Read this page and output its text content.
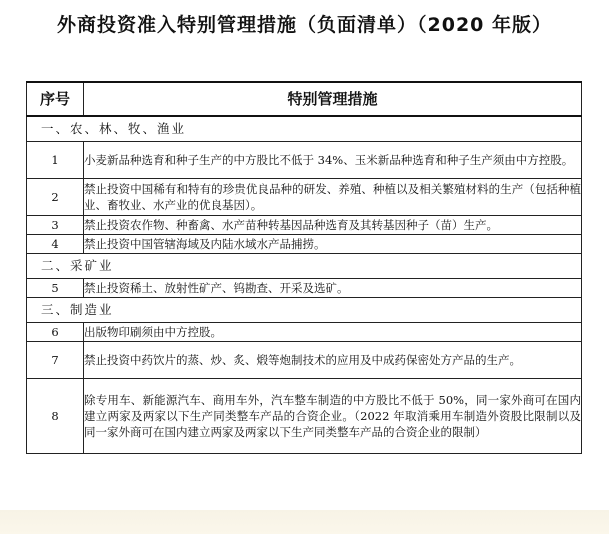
外商投资准入特别管理措施（负面清单）（2020 年版）
序号	特别管理措施
一、农、林、牧、渔业	
1	小麦新品种选育和种子生产的中方股比不低于 34%、玉米新品种选育和种子生产须由中方控股。
2	禁止投资中国稀有和特有的珍贵优良品种的研发、养殖、种植以及相关繁殖材料的生产（包括种植业、畜牧业、水产业的优良基因）。
3	禁止投资农作物、种畜禽、水产苗种转基因品种选育及其转基因种子（苗）生产。
4	禁止投资中国管辖海域及内陆水域水产品捕捞。
二、采矿业	
5	禁止投资稀土、放射性矿产、钨勘查、开采及选矿。
三、制造业	
6	出版物印刷须由中方控股。
7	禁止投资中药饮片的蒸、炒、炙、煅等炮制技术的应用及中成药保密处方产品的生产。
8	除专用车、新能源汽车、商用车外，汽车整车制造的中方股比不低于 50%，同一家外商可在国内建立两家及两家以下生产同类整车产品的合资企业。（2022 年取消乘用车制造外资股比限制以及同一家外商可在国内建立两家及两家以下生产同类整车产品的合资企业的限制）
